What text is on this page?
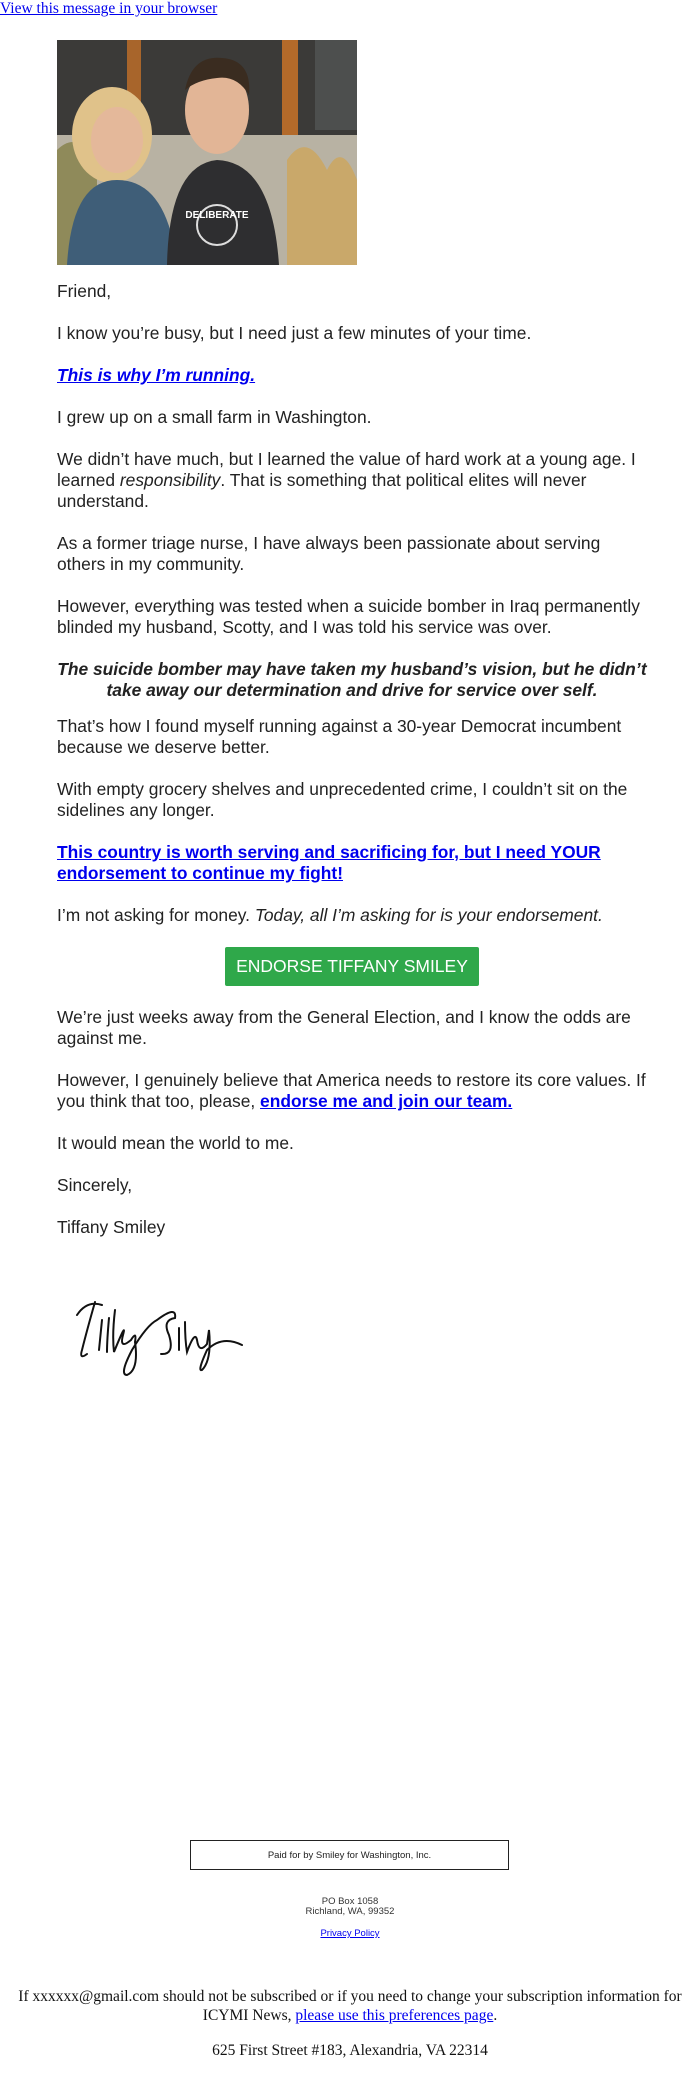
View this message in your browser
DELIBERATE

Friend,

I know you’re busy, but I need just a few minutes of your time.

This is why I’m running.

I grew up on a small farm in Washington.

We didn’t have much, but I learned the value of hard work at a young age. I learned responsibility. That is something that political elites will never understand.

As a former triage nurse, I have always been passionate about serving others in my community.

However, everything was tested when a suicide bomber in Iraq permanently blinded my husband, Scotty, and I was told his service was over.

The suicide bomber may have taken my husband’s vision, but he didn’t take away our determination and drive for service over self.

That’s how I found myself running against a 30-year Democrat incumbent because we deserve better.

With empty grocery shelves and unprecedented crime, I couldn’t sit on the sidelines any longer.

This country is worth serving and sacrificing for, but I need YOUR endorsement to continue my fight!

I’m not asking for money. Today, all I’m asking for is your endorsement.

ENDORSE TIFFANY SMILEY

We’re just weeks away from the General Election, and I know the odds are against me.

However, I genuinely believe that America needs to restore its core values. If you think that too, please, endorse me and join our team.

It would mean the world to me.

Sincerely,

Tiffany Smiley

Paid for by Smiley for Washington, Inc.
PO Box 1058
Richland, WA, 99352
Privacy Policy
If xxxxxx@gmail.com should not be subscribed or if you need to change your subscription information for ICYMI News, please use this preferences page.
625 First Street #183, Alexandria, VA 22314
